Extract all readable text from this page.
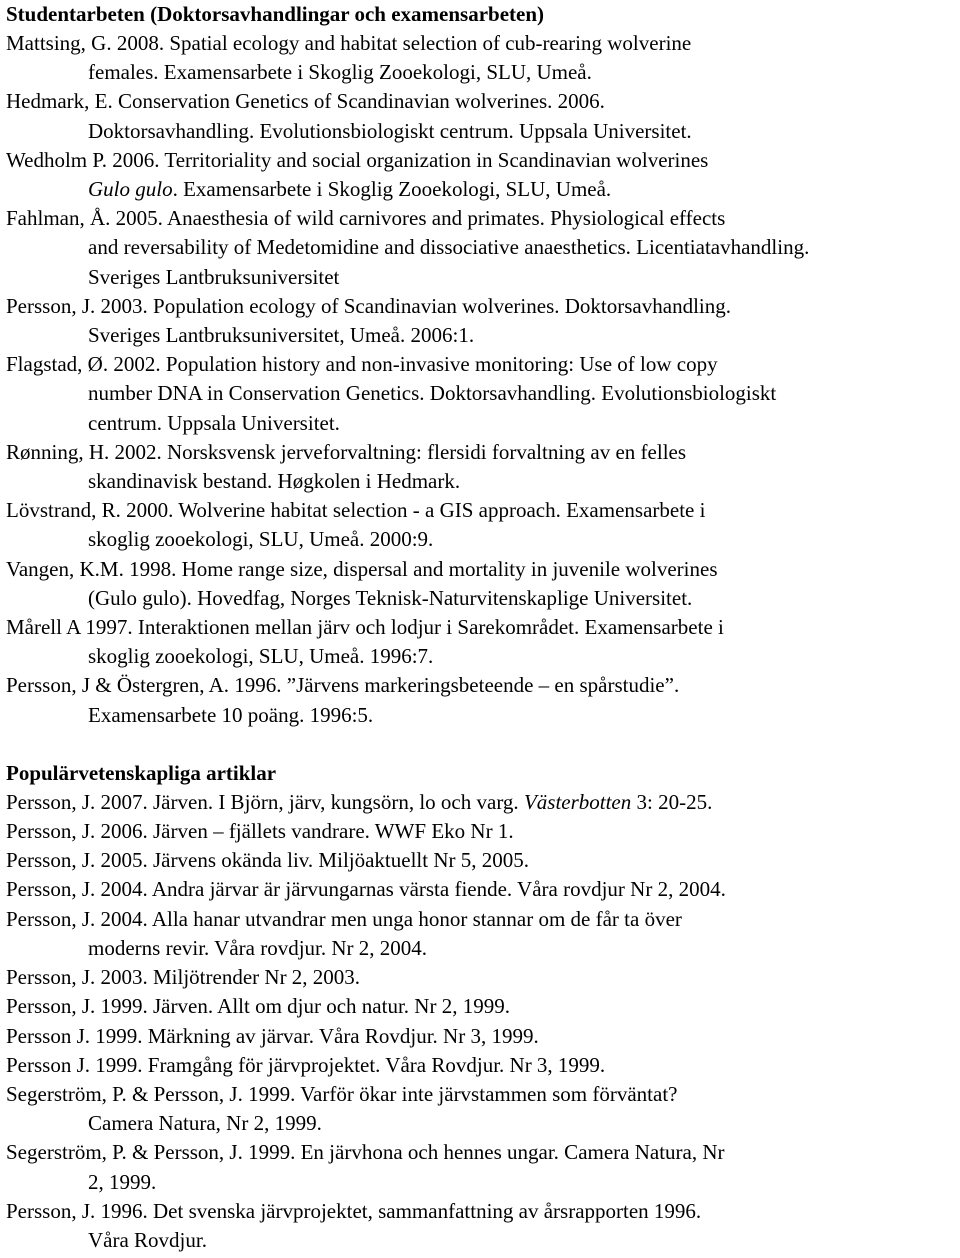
Studentarbeten (Doktorsavhandlingar och examensarbeten)
Mattsing, G. 2008. Spatial ecology and habitat selection of cub-rearing wolverine
females. Examensarbete i Skoglig Zooekologi, SLU, Umeå.
Hedmark, E. Conservation Genetics of Scandinavian wolverines. 2006.
Doktorsavhandling. Evolutionsbiologiskt centrum. Uppsala Universitet.
Wedholm P. 2006. Territoriality and social organization in Scandinavian wolverines
Gulo gulo. Examensarbete i Skoglig Zooekologi, SLU, Umeå.
Fahlman, Å. 2005. Anaesthesia of wild carnivores and primates. Physiological effects
and reversability of Medetomidine and dissociative anaesthetics. Licentiatavhandling.
Sveriges Lantbruksuniversitet
Persson, J. 2003. Population ecology of Scandinavian wolverines. Doktorsavhandling.
Sveriges Lantbruksuniversitet, Umeå. 2006:1.
Flagstad, Ø. 2002. Population history and non-invasive monitoring: Use of low copy
number DNA in Conservation Genetics. Doktorsavhandling. Evolutionsbiologiskt
centrum. Uppsala Universitet.
Rønning, H. 2002. Norsksvensk jerveforvaltning: flersidi forvaltning av en felles
skandinavisk bestand. Høgkolen i Hedmark.
Lövstrand, R. 2000. Wolverine habitat selection - a GIS approach. Examensarbete i
skoglig zooekologi, SLU, Umeå. 2000:9.
Vangen, K.M. 1998. Home range size, dispersal and mortality in juvenile wolverines
(Gulo gulo). Hovedfag, Norges Teknisk-Naturvitenskaplige Universitet.
Mårell A 1997. Interaktionen mellan järv och lodjur i Sarekområdet. Examensarbete i
skoglig zooekologi, SLU, Umeå. 1996:7.
Persson, J & Östergren, A. 1996. ”Järvens markeringsbeteende – en spårstudie”.
Examensarbete 10 poäng. 1996:5.
Populärvetenskapliga artiklar
Persson, J. 2007. Järven. I Björn, järv, kungsörn, lo och varg. Västerbotten 3: 20-25.
Persson, J. 2006. Järven – fjällets vandrare. WWF Eko Nr 1.
Persson, J. 2005. Järvens okända liv. Miljöaktuellt Nr 5, 2005.
Persson, J. 2004. Andra järvar är järvungarnas värsta fiende. Våra rovdjur Nr 2, 2004.
Persson, J. 2004. Alla hanar utvandrar men unga honor stannar om de får ta över
moderns revir. Våra rovdjur. Nr 2, 2004.
Persson, J. 2003. Miljötrender Nr 2, 2003.
Persson, J. 1999. Järven. Allt om djur och natur. Nr 2, 1999.
Persson J. 1999. Märkning av järvar. Våra Rovdjur. Nr 3, 1999.
Persson J. 1999. Framgång för järvprojektet. Våra Rovdjur. Nr 3, 1999.
Segerström, P. & Persson, J. 1999. Varför ökar inte järvstammen som förväntat?
Camera Natura, Nr 2, 1999.
Segerström, P. & Persson, J. 1999. En järvhona och hennes ungar. Camera Natura, Nr
2, 1999.
Persson, J. 1996. Det svenska järvprojektet, sammanfattning av årsrapporten 1996.
Våra Rovdjur.
